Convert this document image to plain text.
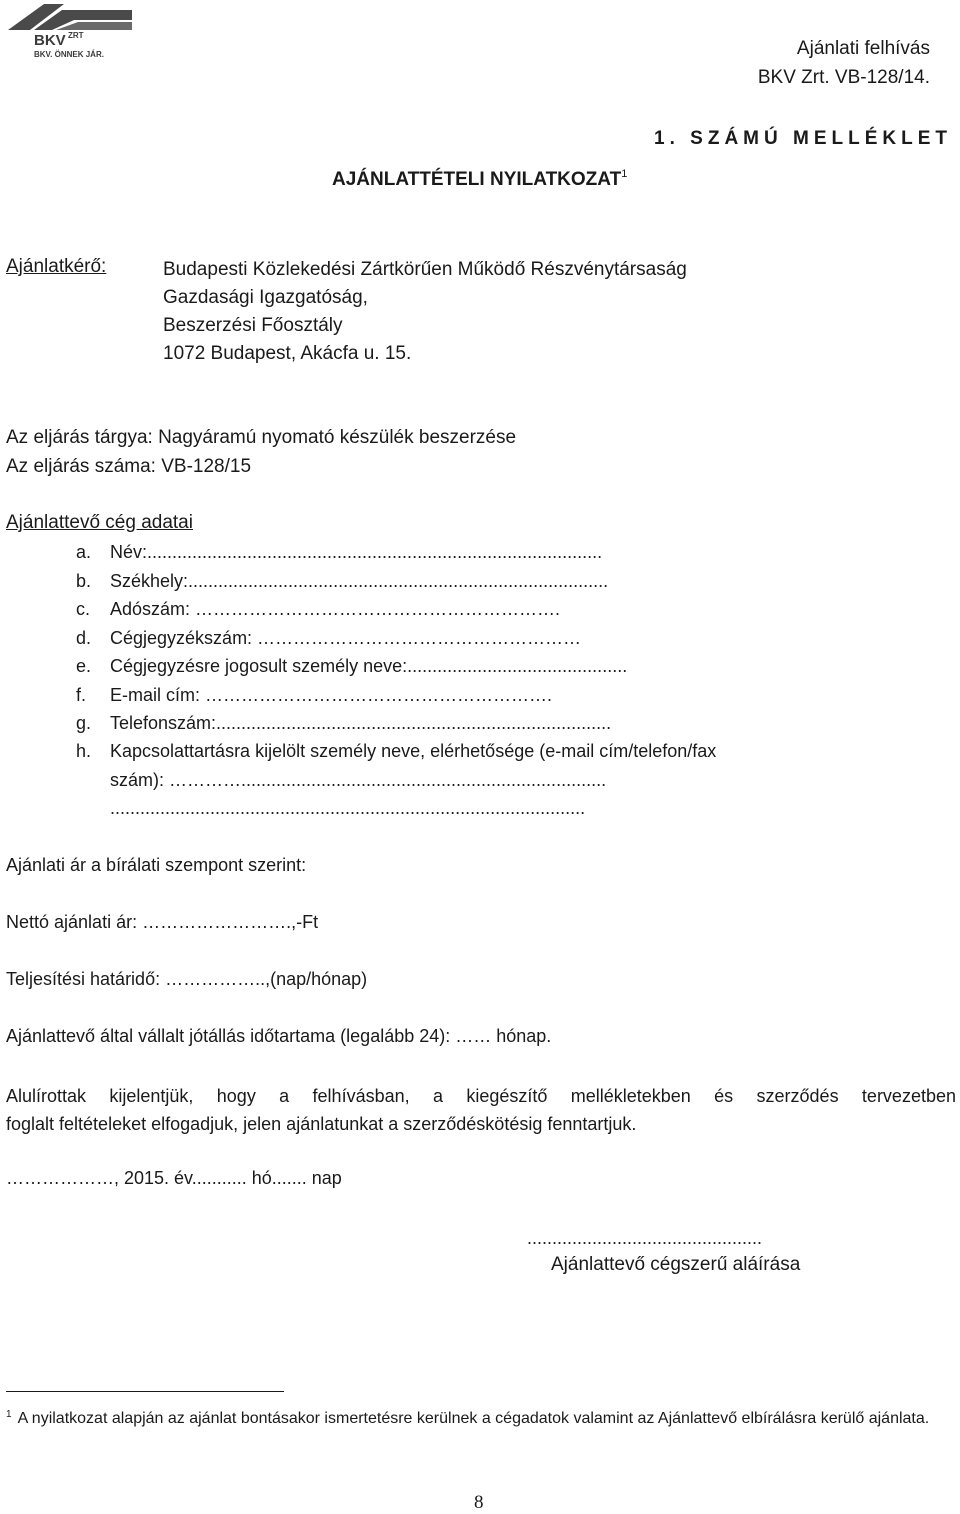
BKV ZRT
BKV. ÖNNEK JÁR.	Ajánlati felhívás
BKV Zrt. VB-128/14.
1. SZÁMÚ MELLÉKLET
AJÁNLATTÉTELI NYILATKOZAT$^1$
Ajánlatkérő:	Budapesti Közlekedési Zártkörűen Működő Részvénytársaság
Gazdasági Igazgatóság,
Beszerzési Főosztály
1072 Budapest, Akácfa u. 15.
Az eljárás tárgya: Nagyáramú nyomató készülék beszerzése
Az eljárás száma: VB-128/15
Ajánlattevő cég adatai
a. Név:...........................................................................................
b. Székhely:....................................................................................
c. Adószám: …………………………………………………….
d. Cégjegyzékszám: ………………………………………………
e. Cégjegyzésre jogosult személy neve:............................................
f. E-mail cím: ………………………………………………….
g. Telefonszám:...............................................................................
h. Kapcsolattartásra kijelölt személy neve, elérhetősége (e-mail cím/telefon/fax
szám): ………….........................................................................
...............................................................................................
Ajánlati ár a bírálati szempont szerint:
Nettó ajánlati ár: …………………….,-Ft
Teljesítési határidő: ……………..,(nap/hónap)
Ajánlattevő által vállalt jótállás időtartama (legalább 24): …… hónap.
Alulírottak kijelentjük, hogy a felhívásban, a kiegészítő mellékletekben és szerződés tervezetben
foglalt feltételeket elfogadjuk, jelen ajánlatunkat a szerződéskötésig fenntartjuk.
………………, 2015. év........... hó....... nap
...............................................
Ajánlattevő cégszerű aláírása
$^1$ A nyilatkozat alapján az ajánlat bontásakor ismertetésre kerülnek a cégadatok valamint az Ajánlattevő elbírálásra kerülő ajánlata.
8
